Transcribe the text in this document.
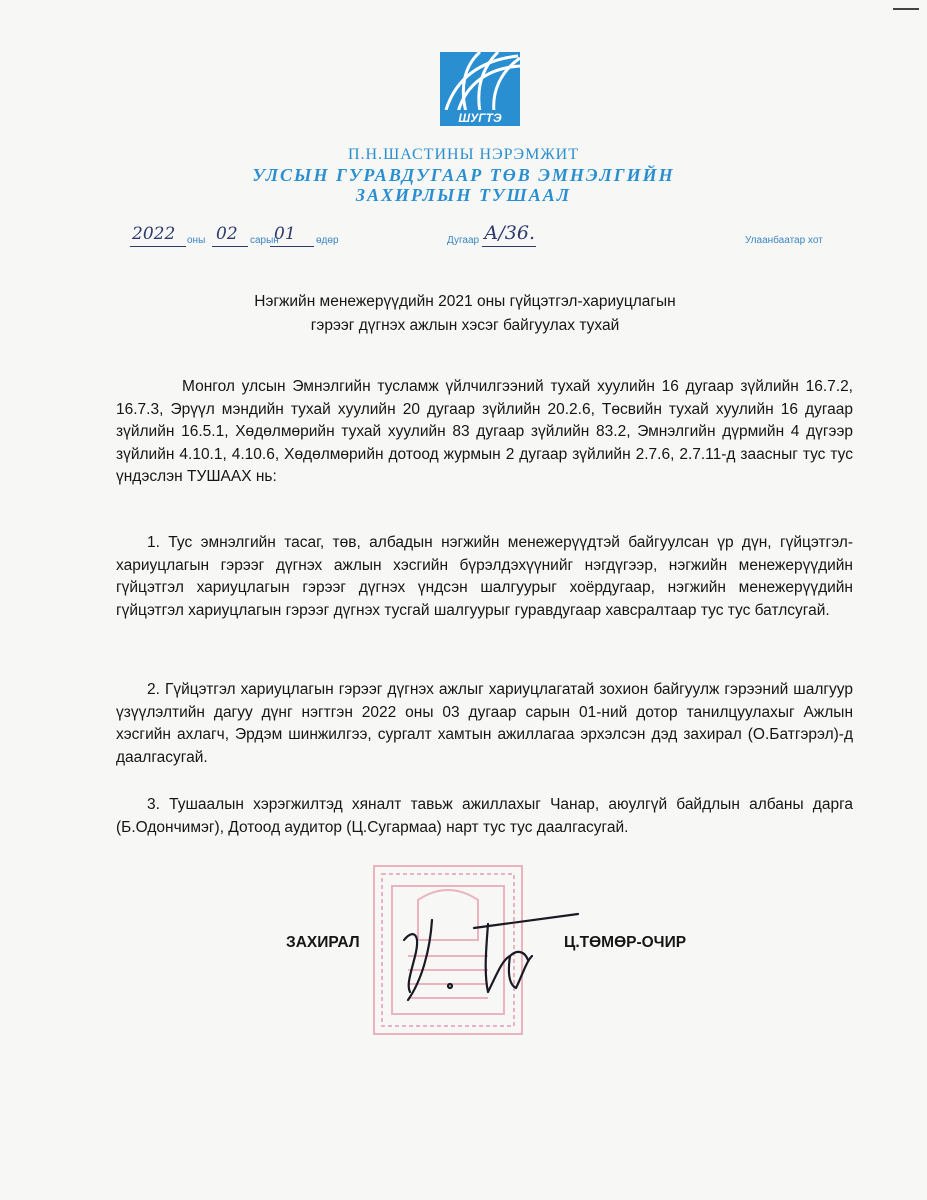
ШУГТЭ
П.Н.ШАСТИНЫ НЭРЭМЖИТ
УЛСЫН ГУРАВДУГААР ТӨВ ЭМНЭЛГИЙН
ЗАХИРЛЫН ТУШААЛ
2022 оны 02 сарын
01 өдөр	Дугаар А/36.	Улаанбаатар хот
Нэгжийн менежерүүдийн 2021 оны гүйцэтгэл-хариуцлагын
гэрээг дүгнэх ажлын хэсэг байгуулах тухай
Монгол улсын Эмнэлгийн тусламж үйлчилгээний тухай хуулийн 16 дугаар зүйлийн 16.7.2, 16.7.3, Эрүүл мэндийн тухай хуулийн 20 дугаар зүйлийн 20.2.6, Төсвийн тухай хуулийн 16 дугаар зүйлийн 16.5.1, Хөдөлмөрийн тухай хуулийн 83 дугаар зүйлийн 83.2, Эмнэлгийн дүрмийн 4 дүгээр зүйлийн 4.10.1, 4.10.6, Хөдөлмөрийн дотоод журмын 2 дугаар зүйлийн 2.7.6, 2.7.11-д заасныг тус тус үндэслэн ТУШААХ нь:
1. Тус эмнэлгийн тасаг, төв, албадын нэгжийн менежерүүдтэй байгуулсан үр дүн, гүйцэтгэл-хариуцлагын гэрээг дүгнэх ажлын хэсгийн бүрэлдэхүүнийг нэгдүгээр, нэгжийн менежерүүдийн гүйцэтгэл хариуцлагын гэрээг дүгнэх үндсэн шалгуурыг хоёрдугаар, нэгжийн менежерүүдийн гүйцэтгэл хариуцлагын гэрээг дүгнэх тусгай шалгуурыг гуравдугаар хавсралтаар тус тус батлсугай.
2. Гүйцэтгэл хариуцлагын гэрээг дүгнэх ажлыг хариуцлагатай зохион байгуулж гэрээний шалгуур үзүүлэлтийн дагуу дүнг нэгтгэн 2022 оны 03 дугаар сарын 01-ний дотор танилцуулахыг Ажлын хэсгийн ахлагч, Эрдэм шинжилгээ, сургалт хамтын ажиллагаа эрхэлсэн дэд захирал (О.Батгэрэл)-д даалгасугай.
3. Тушаалын хэрэгжилтэд хяналт тавьж ажиллахыг Чанар, аюулгүй байдлын албаны дарга (Б.Одончимэг), Дотоод аудитор (Ц.Сугармаа) нарт тус тус даалгасугай.
ЗАХИРАЛ	Ц.ТӨМӨР-ОЧИР
